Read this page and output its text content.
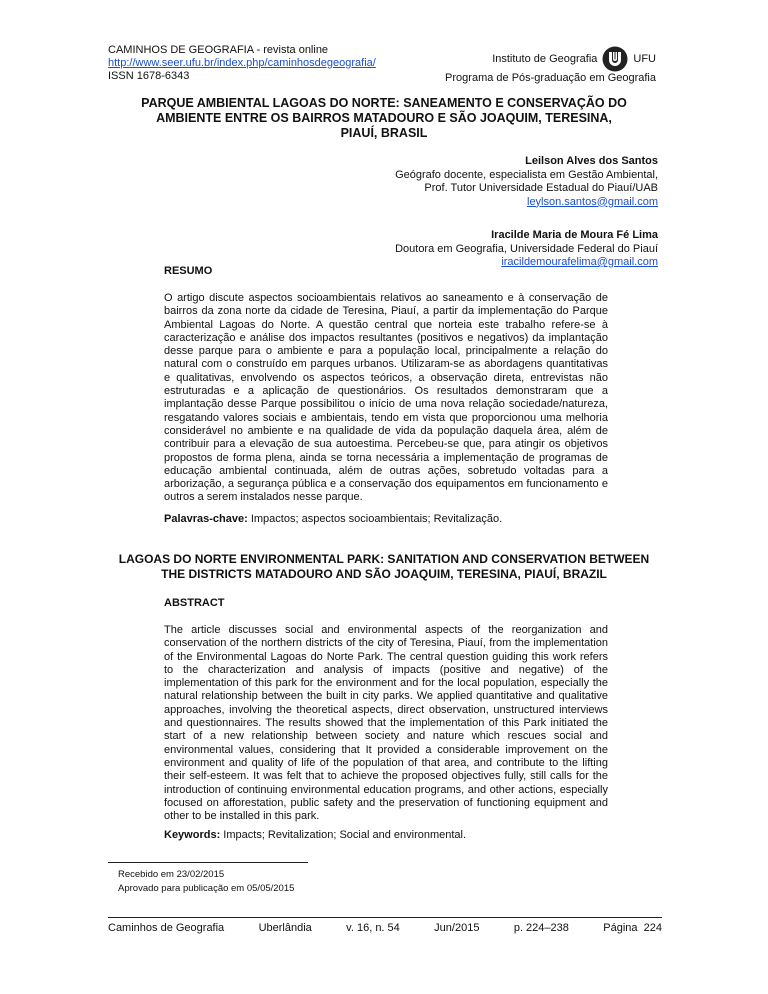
CAMINHOS DE GEOGRAFIA - revista online
http://www.seer.ufu.br/index.php/caminhosdegeografia/
ISSN 1678-6343
Instituto de Geografia	UFU
Programa de Pós-graduação em Geografia
PARQUE AMBIENTAL LAGOAS DO NORTE: SANEAMENTO E CONSERVAÇÃO DO
AMBIENTE ENTRE OS BAIRROS MATADOURO E SÃO JOAQUIM, TERESINA,
PIAUÍ, BRASIL
Leilson Alves dos Santos
Geógrafo docente, especialista em Gestão Ambiental,
Prof. Tutor Universidade Estadual do Piauí/UAB
leylson.santos@gmail.com
Iracilde Maria de Moura Fé Lima
Doutora em Geografia, Universidade Federal do Piauí
iracildemourafelima@gmail.com
RESUMO
O artigo discute aspectos socioambientais relativos ao saneamento e à conservação de bairros da zona norte da cidade de Teresina, Piauí, a partir da implementação do Parque Ambiental Lagoas do Norte. A questão central que norteia este trabalho refere-se à caracterização e análise dos impactos resultantes (positivos e negativos) da implantação desse parque para o ambiente e para a população local, principalmente a relação do natural com o construído em parques urbanos. Utilizaram-se as abordagens quantitativas e qualitativas, envolvendo os aspectos teóricos, a observação direta, entrevistas não estruturadas e a aplicação de questionários. Os resultados demonstraram que a implantação desse Parque possibilitou o início de uma nova relação sociedade/natureza, resgatando valores sociais e ambientais, tendo em vista que proporcionou uma melhoria considerável no ambiente e na qualidade de vida da população daquela área, além de contribuir para a elevação de sua autoestima. Percebeu-se que, para atingir os objetivos propostos de forma plena, ainda se torna necessária a implementação de programas de educação ambiental continuada, além de outras ações, sobretudo voltadas para a arborização, a segurança pública e a conservação dos equipamentos em funcionamento e outros a serem instalados nesse parque.
Palavras-chave: Impactos; aspectos socioambientais; Revitalização.
LAGOAS DO NORTE ENVIRONMENTAL PARK: SANITATION AND CONSERVATION BETWEEN
THE DISTRICTS MATADOURO AND SÃO JOAQUIM, TERESINA, PIAUÍ, BRAZIL
ABSTRACT
The article discusses social and environmental aspects of the reorganization and conservation of the northern districts of the city of Teresina, Piauí, from the implementation of the Environmental Lagoas do Norte Park. The central question guiding this work refers to the characterization and analysis of impacts (positive and negative) of the implementation of this park for the environment and for the local population, especially the natural relationship between the built in city parks. We applied quantitative and qualitative approaches, involving the theoretical aspects, direct observation, unstructured interviews and questionnaires. The results showed that the implementation of this Park initiated the start of a new relationship between society and nature which rescues social and environmental values, considering that It provided a considerable improvement on the environment and quality of life of the population of that area, and contribute to the lifting their self-esteem. It was felt that to achieve the proposed objectives fully, still calls for the introduction of continuing environmental education programs, and other actions, especially focused on afforestation, public safety and the preservation of functioning equipment and other to be installed in this park.
Keywords: Impacts; Revitalization; Social and environmental.
Recebido em 23/02/2015
Aprovado para publicação em 05/05/2015
Caminhos de Geografia	Uberlândia	v. 16, n. 54	Jun/2015	p. 224–238	Página  224
